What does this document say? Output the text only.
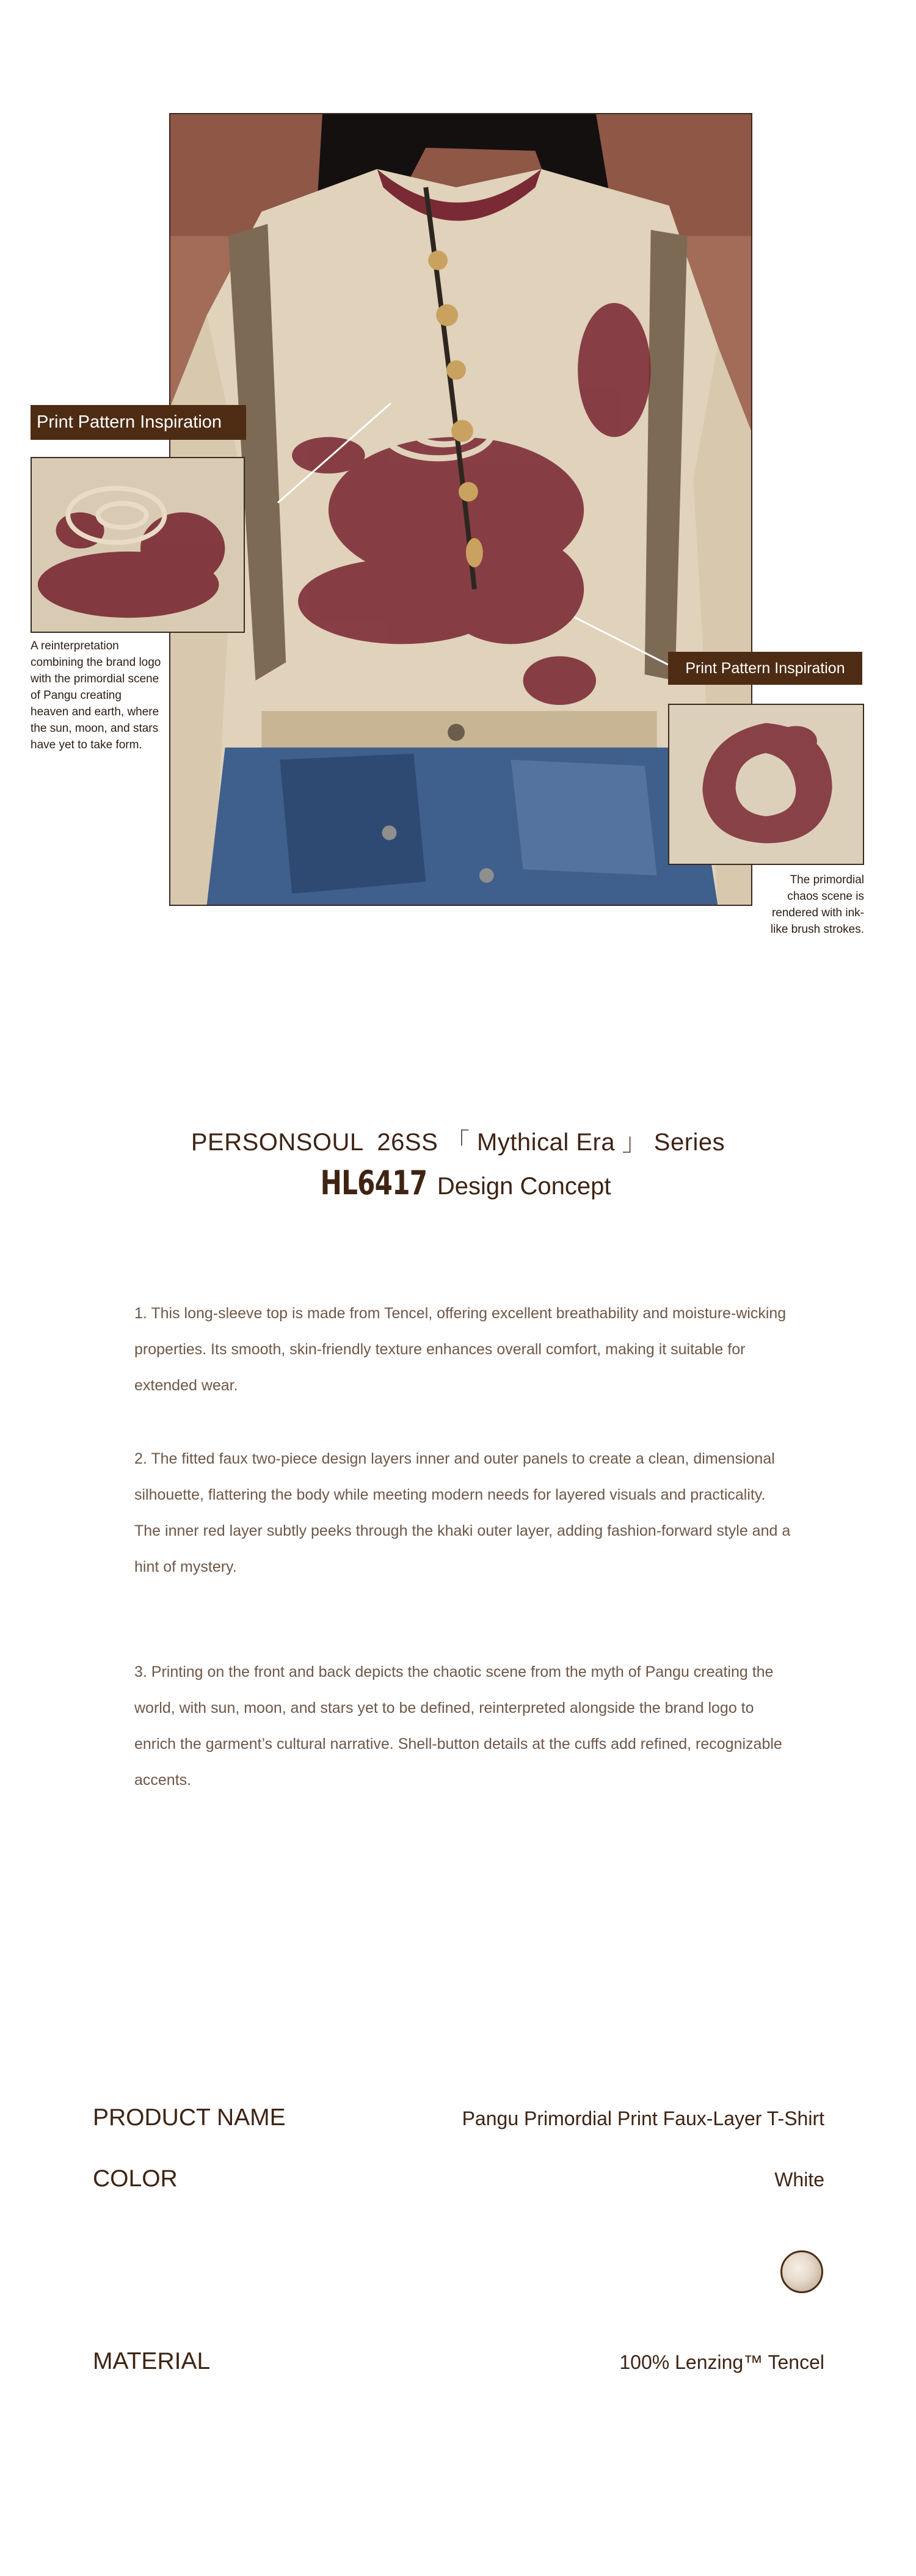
Print Pattern Inspiration
A reinterpretation combining the brand logo with the primordial scene of Pangu creating heaven and earth, where the sun, moon, and stars have yet to take form.
Print Pattern Inspiration
The primordial chaos scene is rendered with ink-like brush strokes.
PERSONSOUL  26SS 「 Mythical Era 」 Series
HL6417 Design Concept

1. This long-sleeve top is made from Tencel, offering excellent breathability and moisture-wicking properties. Its smooth, skin-friendly texture enhances overall comfort, making it suitable for extended wear.

2. The fitted faux two-piece design layers inner and outer panels to create a clean, dimensional silhouette, flattering the body while meeting modern needs for layered visuals and practicality. The inner red layer subtly peeks through the khaki outer layer, adding fashion-forward style and a hint of mystery.

3. Printing on the front and back depicts the chaotic scene from the myth of Pangu creating the world, with sun, moon, and stars yet to be defined, reinterpreted alongside the brand logo to enrich the garment’s cultural narrative. Shell-button details at the cuffs add refined, recognizable accents.

PRODUCT NAME	Pangu Primordial Print Faux-Layer T-Shirt
COLOR	White
MATERIAL	100% Lenzing™ Tencel
